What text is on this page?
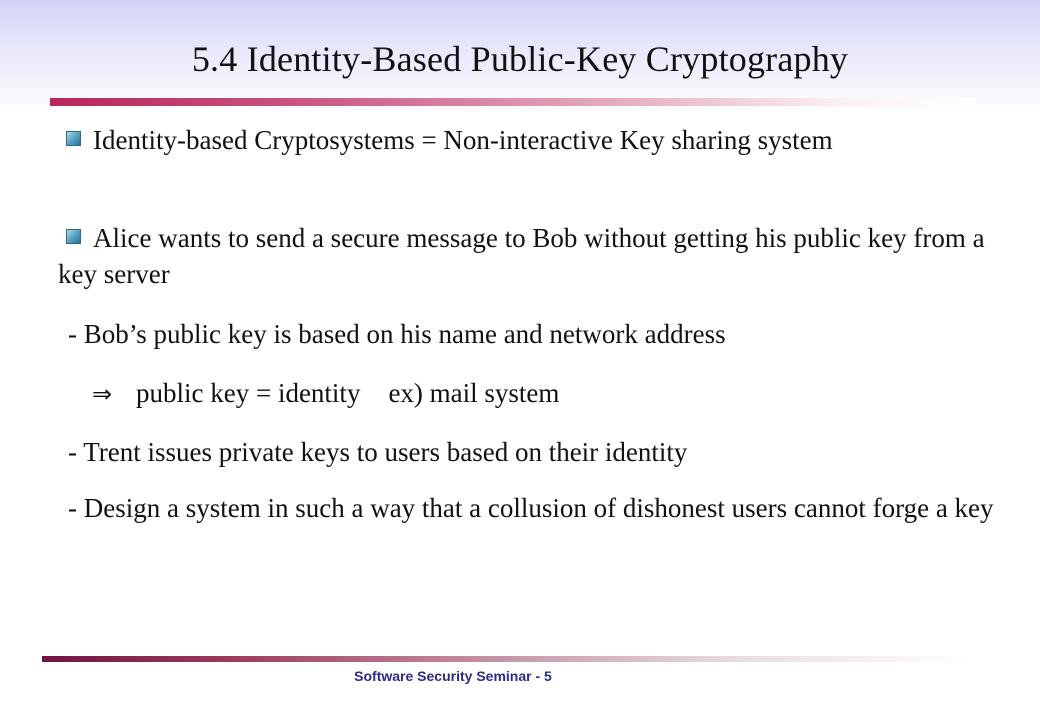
5.4 Identity-Based Public-Key Cryptography
Identity-based Cryptosystems = Non-interactive Key sharing system
Alice wants to send a secure message to Bob without getting his public key from a key server
- Bob’s public key is based on his name and network address
⇒ public key = identity ex) mail system
- Trent issues private keys to users based on their identity
- Design a system in such a way that a collusion of dishonest users cannot forge a key
Software Security Seminar - 5
